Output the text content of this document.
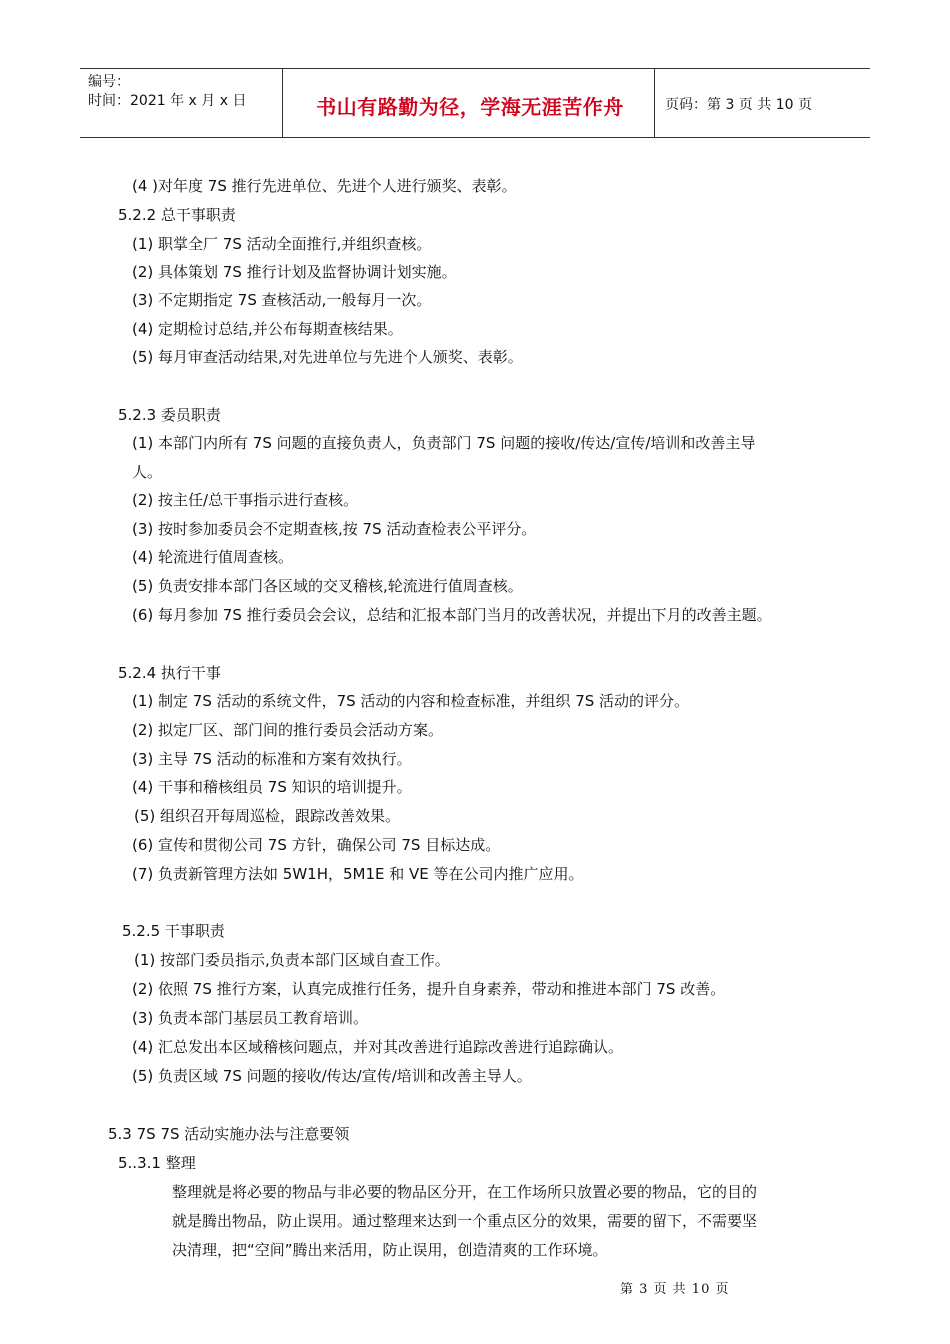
编号：
时间：2021 年 x 月 x 日	书山有路勤为径，学海无涯苦作舟	页码：第 3 页 共 10 页
(4 )对年度 7S 推行先进单位、先进个人进行颁奖、表彰。
5.2.2 总干事职责
(1) 职掌全厂 7S 活动全面推行,并组织查核。
(2) 具体策划 7S 推行计划及监督协调计划实施。
(3) 不定期指定 7S 查核活动,一般每月一次。
(4) 定期检讨总结,并公布每期查核结果。
(5) 每月审查活动结果,对先进单位与先进个人颁奖、表彰。
5.2.3 委员职责
(1) 本部门内所有 7S 问题的直接负责人，负责部门 7S 问题的接收/传达/宣传/培训和改善主导
人。
(2) 按主任/总干事指示进行查核。
(3) 按时参加委员会不定期查核,按 7S 活动查检表公平评分。
(4) 轮流进行值周查核。
(5) 负责安排本部门各区域的交叉稽核,轮流进行值周查核。
(6) 每月参加 7S 推行委员会会议，总结和汇报本部门当月的改善状况，并提出下月的改善主题。
5.2.4 执行干事
(1) 制定 7S 活动的系统文件，7S 活动的内容和检查标准，并组织 7S 活动的评分。
(2) 拟定厂区、部门间的推行委员会活动方案。
(3) 主导 7S 活动的标准和方案有效执行。
(4) 干事和稽核组员 7S 知识的培训提升。
(5) 组织召开每周巡检，跟踪改善效果。
(6) 宣传和贯彻公司 7S 方针，确保公司 7S 目标达成。
(7) 负责新管理方法如 5W1H，5M1E 和 VE 等在公司内推广应用。
5.2.5 干事职责
(1) 按部门委员指示,负责本部门区域自查工作。
(2) 依照 7S 推行方案，认真完成推行任务，提升自身素养，带动和推进本部门 7S 改善。
(3) 负责本部门基层员工教育培训。
(4) 汇总发出本区域稽核问题点，并对其改善进行追踪改善进行追踪确认。
(5) 负责区域 7S 问题的接收/传达/宣传/培训和改善主导人。
5.3 7S 7S 活动实施办法与注意要领
5..3.1 整理
整理就是将必要的物品与非必要的物品区分开，在工作场所只放置必要的物品，它的目的
就是腾出物品，防止误用。通过整理来达到一个重点区分的效果，需要的留下，不需要坚
决清理，把“空间”腾出来活用，防止误用，创造清爽的工作环境。
第 3 页 共 10 页
